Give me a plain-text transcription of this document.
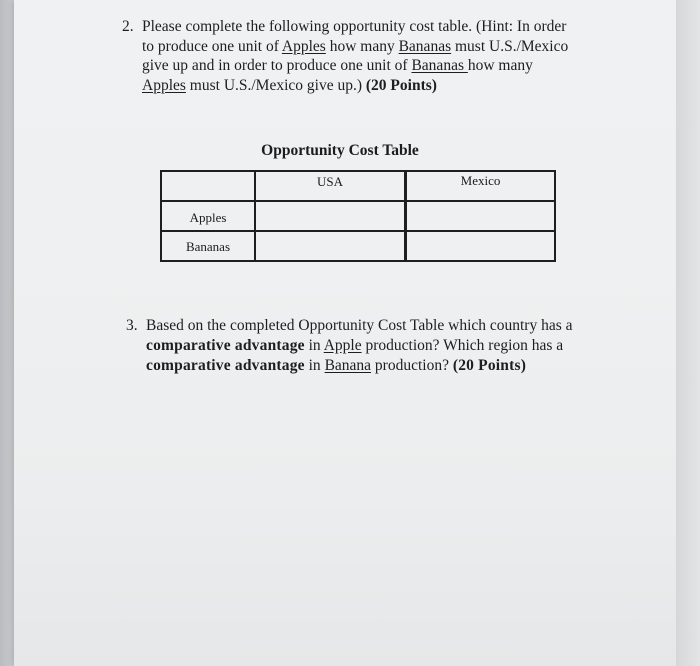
2. Please complete the following opportunity cost table. (Hint: In order
to produce one unit of Apples how many Bananas must U.S./Mexico
give up and in order to produce one unit of Bananas how many
Apples must U.S./Mexico give up.) (20 Points)
Opportunity Cost Table
USA	Mexico
Apples
Bananas
3. Based on the completed Opportunity Cost Table which country has a
comparative advantage in Apple production? Which region has a
comparative advantage in Banana production? (20 Points)
